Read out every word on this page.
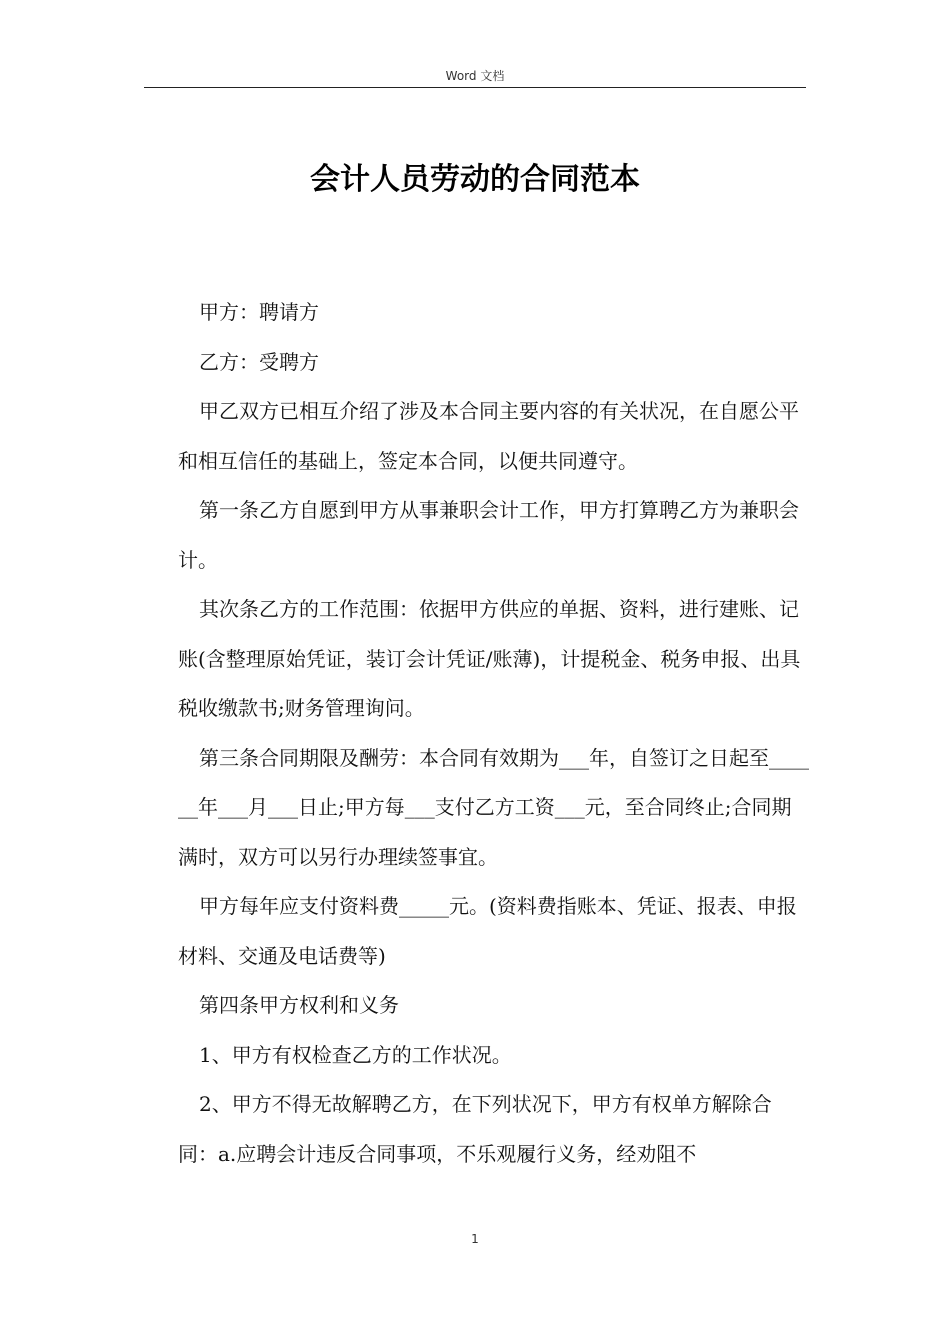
Word 文档
会计人员劳动的合同范本

甲方：聘请方

乙方：受聘方

甲乙双方已相互介绍了涉及本合同主要内容的有关状况，在自愿公平和相互信任的基础上，签定本合同，以便共同遵守。

第一条乙方自愿到甲方从事兼职会计工作，甲方打算聘乙方为兼职会计。

其次条乙方的工作范围：依据甲方供应的单据、资料，进行建账、记账(含整理原始凭证，装订会计凭证/账薄)，计提税金、税务申报、出具税收缴款书;财务管理询问。

第三条合同期限及酬劳：本合同有效期为___年，自签订之日起至______年___月___日止;甲方每___支付乙方工资___元，至合同终止;合同期满时，双方可以另行办理续签事宜。

甲方每年应支付资料费_____元。(资料费指账本、凭证、报表、申报材料、交通及电话费等)

第四条甲方权利和义务

1、甲方有权检查乙方的工作状况。

2、甲方不得无故解聘乙方，在下列状况下，甲方有权单方解除合同：a.应聘会计违反合同事项，不乐观履行义务，经劝阻不

1
